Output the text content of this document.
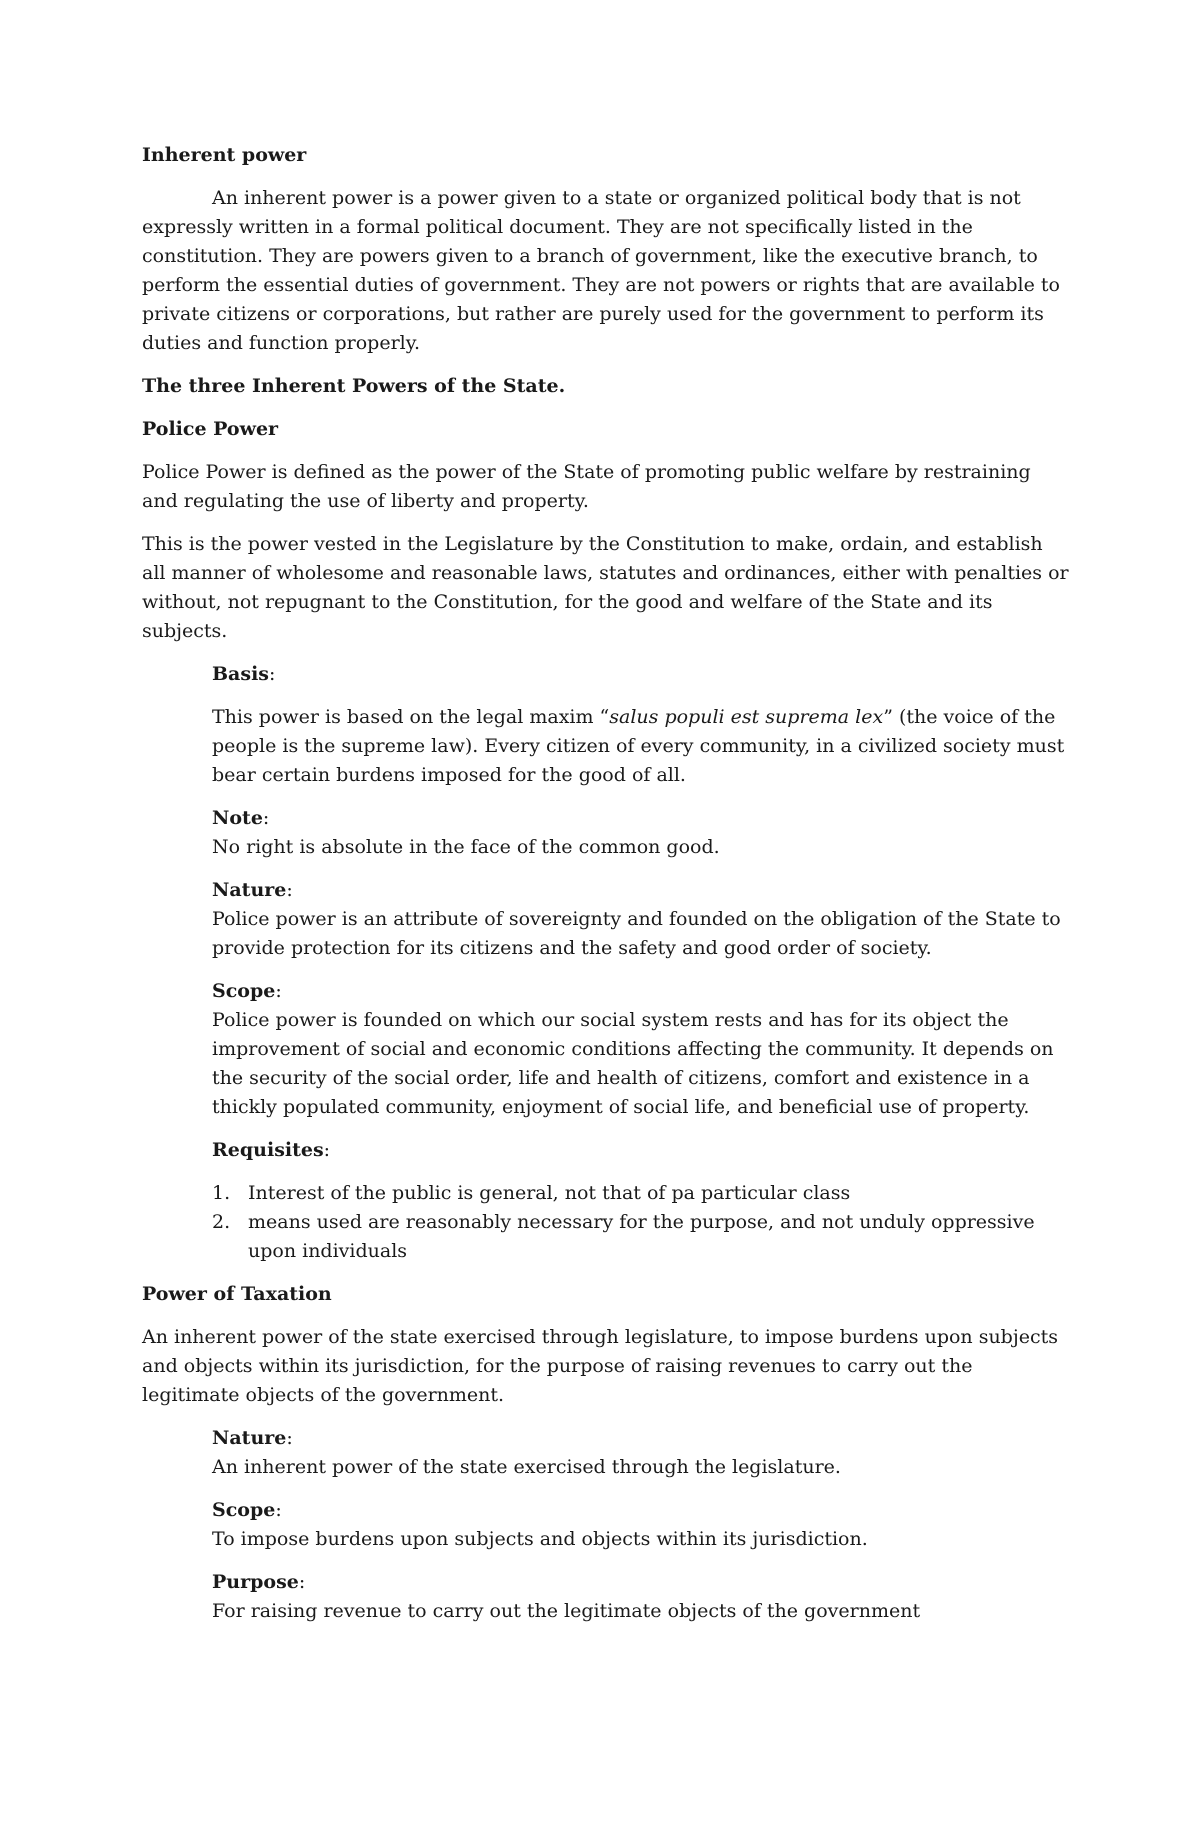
Inherent power

An inherent power is a power given to a state or organized political body that is not expressly written in a formal political document. They are not specifically listed in the constitution. They are powers given to a branch of government, like the executive branch, to perform the essential duties of government. They are not powers or rights that are available to private citizens or corporations, but rather are purely used for the government to perform its duties and function properly.

The three Inherent Powers of the State.
Police Power

Police Power is defined as the power of the State of promoting public welfare by restraining and regulating the use of liberty and property.

This is the power vested in the Legislature by the Constitution to make, ordain, and establish all manner of wholesome and reasonable laws, statutes and ordinances, either with penalties or without, not repugnant to the Constitution, for the good and welfare of the State and its subjects.

Basis:

This power is based on the legal maxim “salus populi est suprema lex” (the voice of the people is the supreme law). Every citizen of every community, in a civilized society must bear certain burdens imposed for the good of all.

Note:
No right is absolute in the face of the common good.
Nature:
Police power is an attribute of sovereignty and founded on the obligation of the State to provide protection for its citizens and the safety and good order of society.
Scope:
Police power is founded on which our social system rests and has for its object the improvement of social and economic conditions affecting the community. It depends on the security of the social order, life and health of citizens, comfort and existence in a thickly populated community, enjoyment of social life, and beneficial use of property.

Requisites:

1. Interest of the public is general, not that of pa particular class
2. means used are reasonably necessary for the purpose, and not unduly oppressive upon individuals
Power of Taxation

An inherent power of the state exercised through legislature, to impose burdens upon subjects and objects within its jurisdiction, for the purpose of raising revenues to carry out the legitimate objects of the government.

Nature:
An inherent power of the state exercised through the legislature.
Scope:
To impose burdens upon subjects and objects within its jurisdiction.
Purpose:
For raising revenue to carry out the legitimate objects of the government
